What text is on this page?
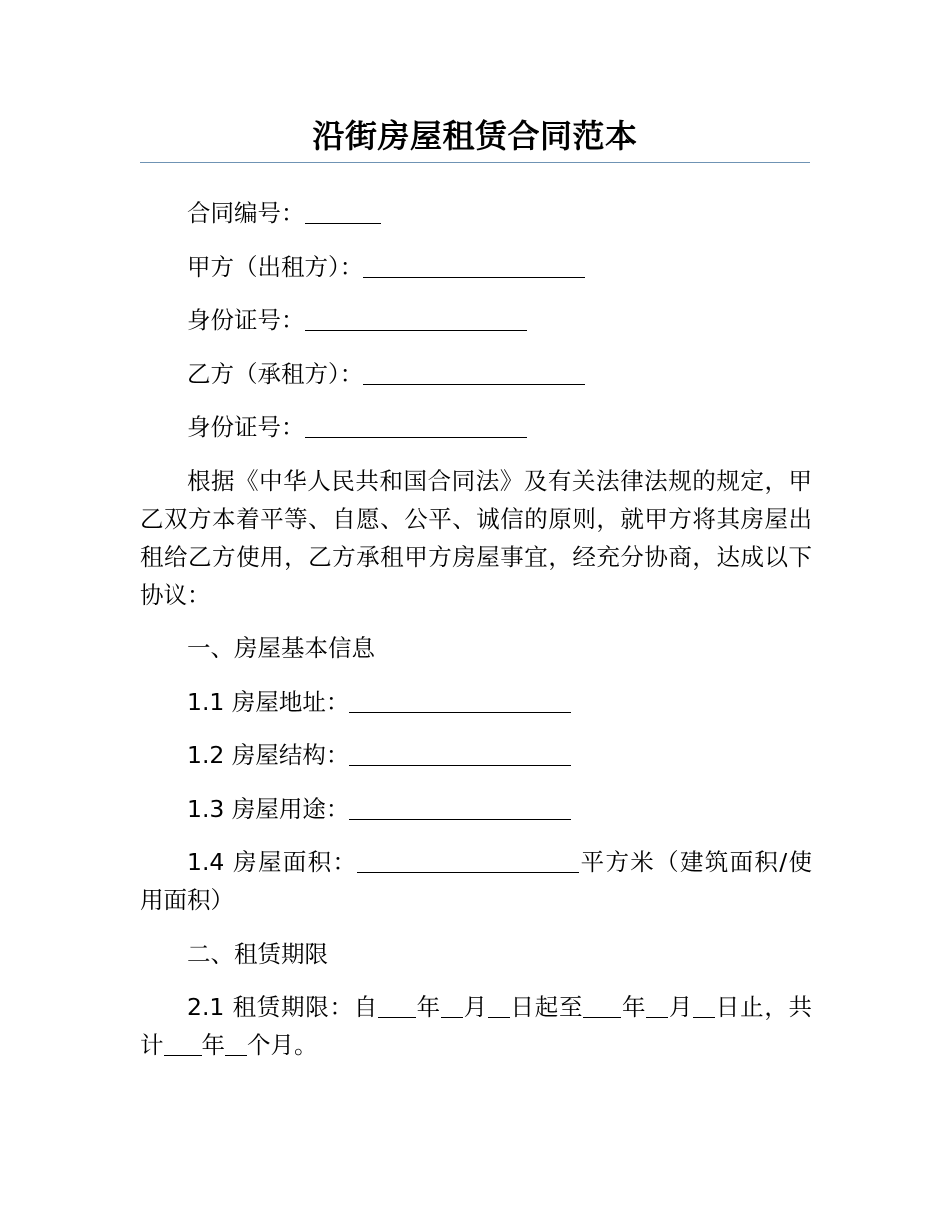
沿街房屋租赁合同范本
合同编号：
甲方（出租方）：
身份证号：
乙方（承租方）：
身份证号：

根据《中华人民共和国合同法》及有关法律法规的规定，甲乙双方本着平等、自愿、公平、诚信的原则，就甲方将其房屋出租给乙方使用，乙方承租甲方房屋事宜，经充分协商，达成以下协议：

一、房屋基本信息
1.1 房屋地址：
1.2 房屋结构：
1.3 房屋用途：

1.4 房屋面积：	平方米（建筑面积/使用面积）

二、租赁期限

2.1 租赁期限：自 年 月 日起至 年 月 日止，共计 年 个月。
